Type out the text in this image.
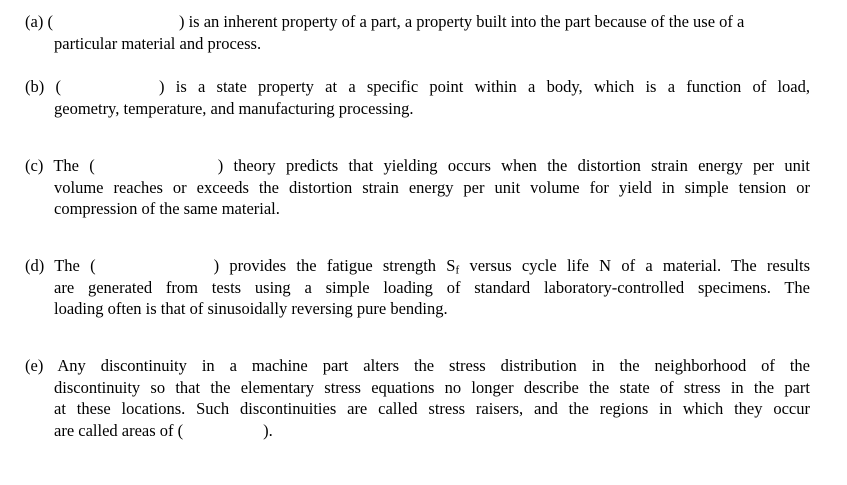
(a) (	) is an inherent property of a part, a property built into the part because of the use of a
particular material and process.
(b) (	) is a state property at a specific point within a body, which is a function of load,
geometry, temperature, and manufacturing processing.
(c) The (	) theory predicts that yielding occurs when the distortion strain energy per unit
volume reaches or exceeds the distortion strain energy per unit volume for yield in simple tension or
compression of the same material.
(d) The (	) provides the fatigue strength $S_f$ versus cycle life N of a material. The results
are generated from tests using a simple loading of standard laboratory-controlled specimens. The
loading often is that of sinusoidally reversing pure bending.
(e) Any discontinuity in a machine part alters the stress distribution in the neighborhood of the
discontinuity so that the elementary stress equations no longer describe the state of stress in the part
at these locations. Such discontinuities are called stress raisers, and the regions in which they occur
are called areas of (	).
